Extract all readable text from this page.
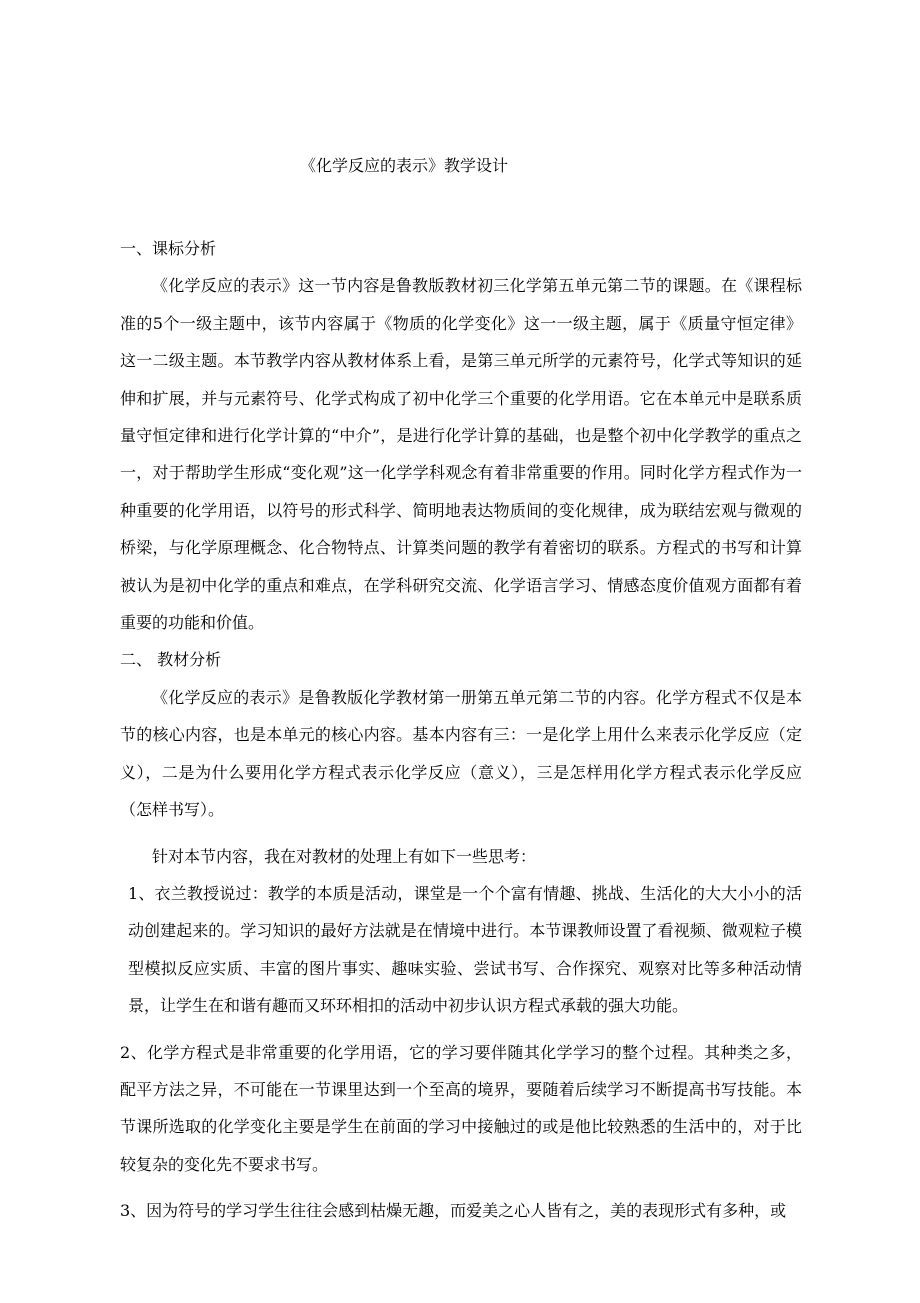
《化学反应的表示》教学设计

一、课标分析

《化学反应的表示》这一节内容是鲁教版教材初三化学第五单元第二节的课题。在《课程标准的5个一级主题中，该节内容属于《物质的化学变化》这一一级主题，属于《质量守恒定律》这一二级主题。本节教学内容从教材体系上看，是第三单元所学的元素符号，化学式等知识的延伸和扩展，并与元素符号、化学式构成了初中化学三个重要的化学用语。它在本单元中是联系质量守恒定律和进行化学计算的“中介”，是进行化学计算的基础，也是整个初中化学教学的重点之一，对于帮助学生形成“变化观”这一化学学科观念有着非常重要的作用。同时化学方程式作为一种重要的化学用语，以符号的形式科学、简明地表达物质间的变化规律，成为联结宏观与微观的桥梁，与化学原理概念、化合物特点、计算类问题的教学有着密切的联系。方程式的书写和计算被认为是初中化学的重点和难点，在学科研究交流、化学语言学习、情感态度价值观方面都有着重要的功能和价值。

二、 教材分析

《化学反应的表示》是鲁教版化学教材第一册第五单元第二节的内容。化学方程式不仅是本节的核心内容，也是本单元的核心内容。基本内容有三：一是化学上用什么来表示化学反应（定义），二是为什么要用化学方程式表示化学反应（意义），三是怎样用化学方程式表示化学反应（怎样书写）。

针对本节内容，我在对教材的处理上有如下一些思考：

1、衣兰教授说过：教学的本质是活动，课堂是一个个富有情趣、挑战、生活化的大大小小的活动创建起来的。学习知识的最好方法就是在情境中进行。本节课教师设置了看视频、微观粒子模型模拟反应实质、丰富的图片事实、趣味实验、尝试书写、合作探究、观察对比等多种活动情景，让学生在和谐有趣而又环环相扣的活动中初步认识方程式承载的强大功能。

2、化学方程式是非常重要的化学用语，它的学习要伴随其化学学习的整个过程。其种类之多，配平方法之异，不可能在一节课里达到一个至高的境界，要随着后续学习不断提高书写技能。本节课所选取的化学变化主要是学生在前面的学习中接触过的或是他比较熟悉的生活中的，对于比较复杂的变化先不要求书写。

3、因为符号的学习学生往往会感到枯燥无趣，而爱美之心人皆有之，美的表现形式有多种，或
